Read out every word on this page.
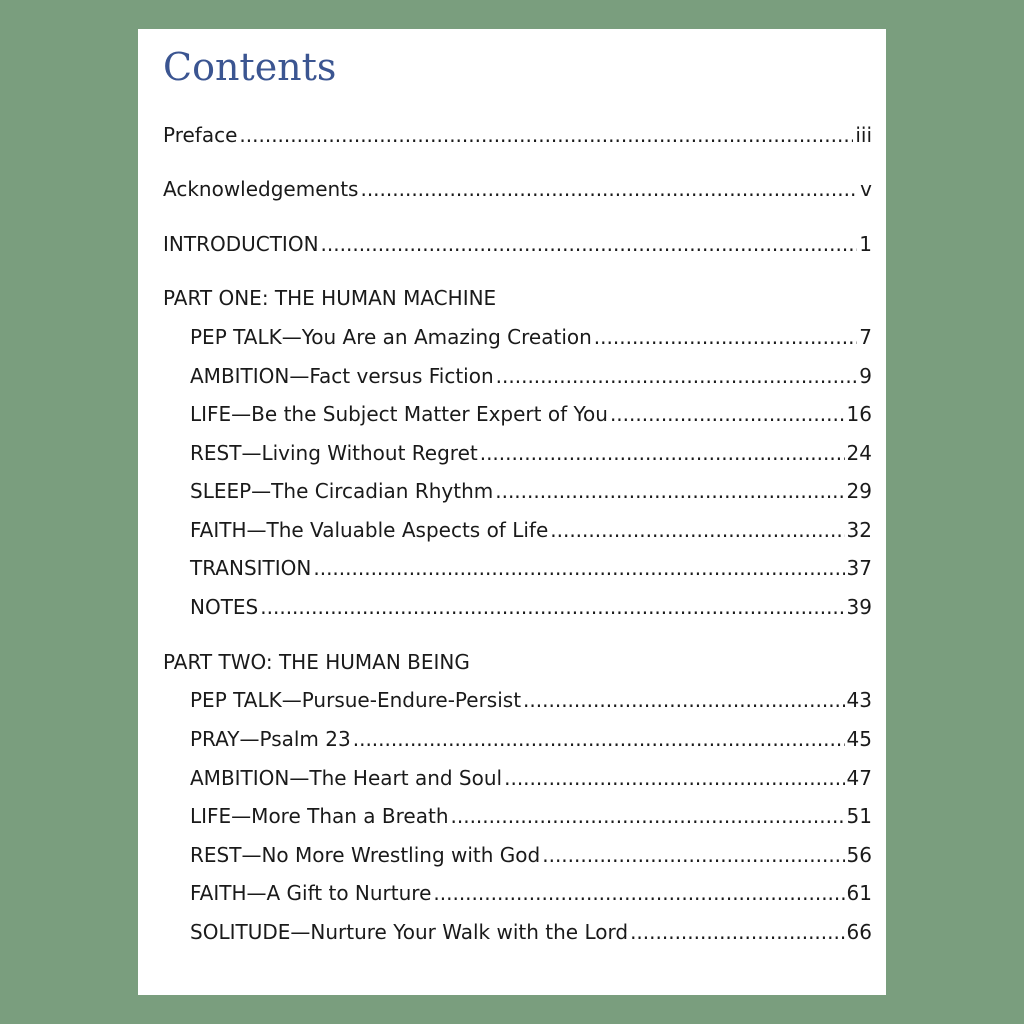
Contents
Preface .....	iii
Acknowledgements .....	v
INTRODUCTION .....	1
PART ONE: THE HUMAN MACHINE
PEP TALK—You Are an Amazing Creation .....	7
AMBITION—Fact versus Fiction .....	9
LIFE—Be the Subject Matter Expert of You .....	16
REST—Living Without Regret .....	24
SLEEP—The Circadian Rhythm .....	29
FAITH—The Valuable Aspects of Life .....	32
TRANSITION .....	37
NOTES .....	39
PART TWO: THE HUMAN BEING
PEP TALK—Pursue-Endure-Persist .....	43
PRAY—Psalm 23 .....	45
AMBITION—The Heart and Soul .....	47
LIFE—More Than a Breath .....	51
REST—No More Wrestling with God .....	56
FAITH—A Gift to Nurture .....	61
SOLITUDE—Nurture Your Walk with the Lord .....	66
